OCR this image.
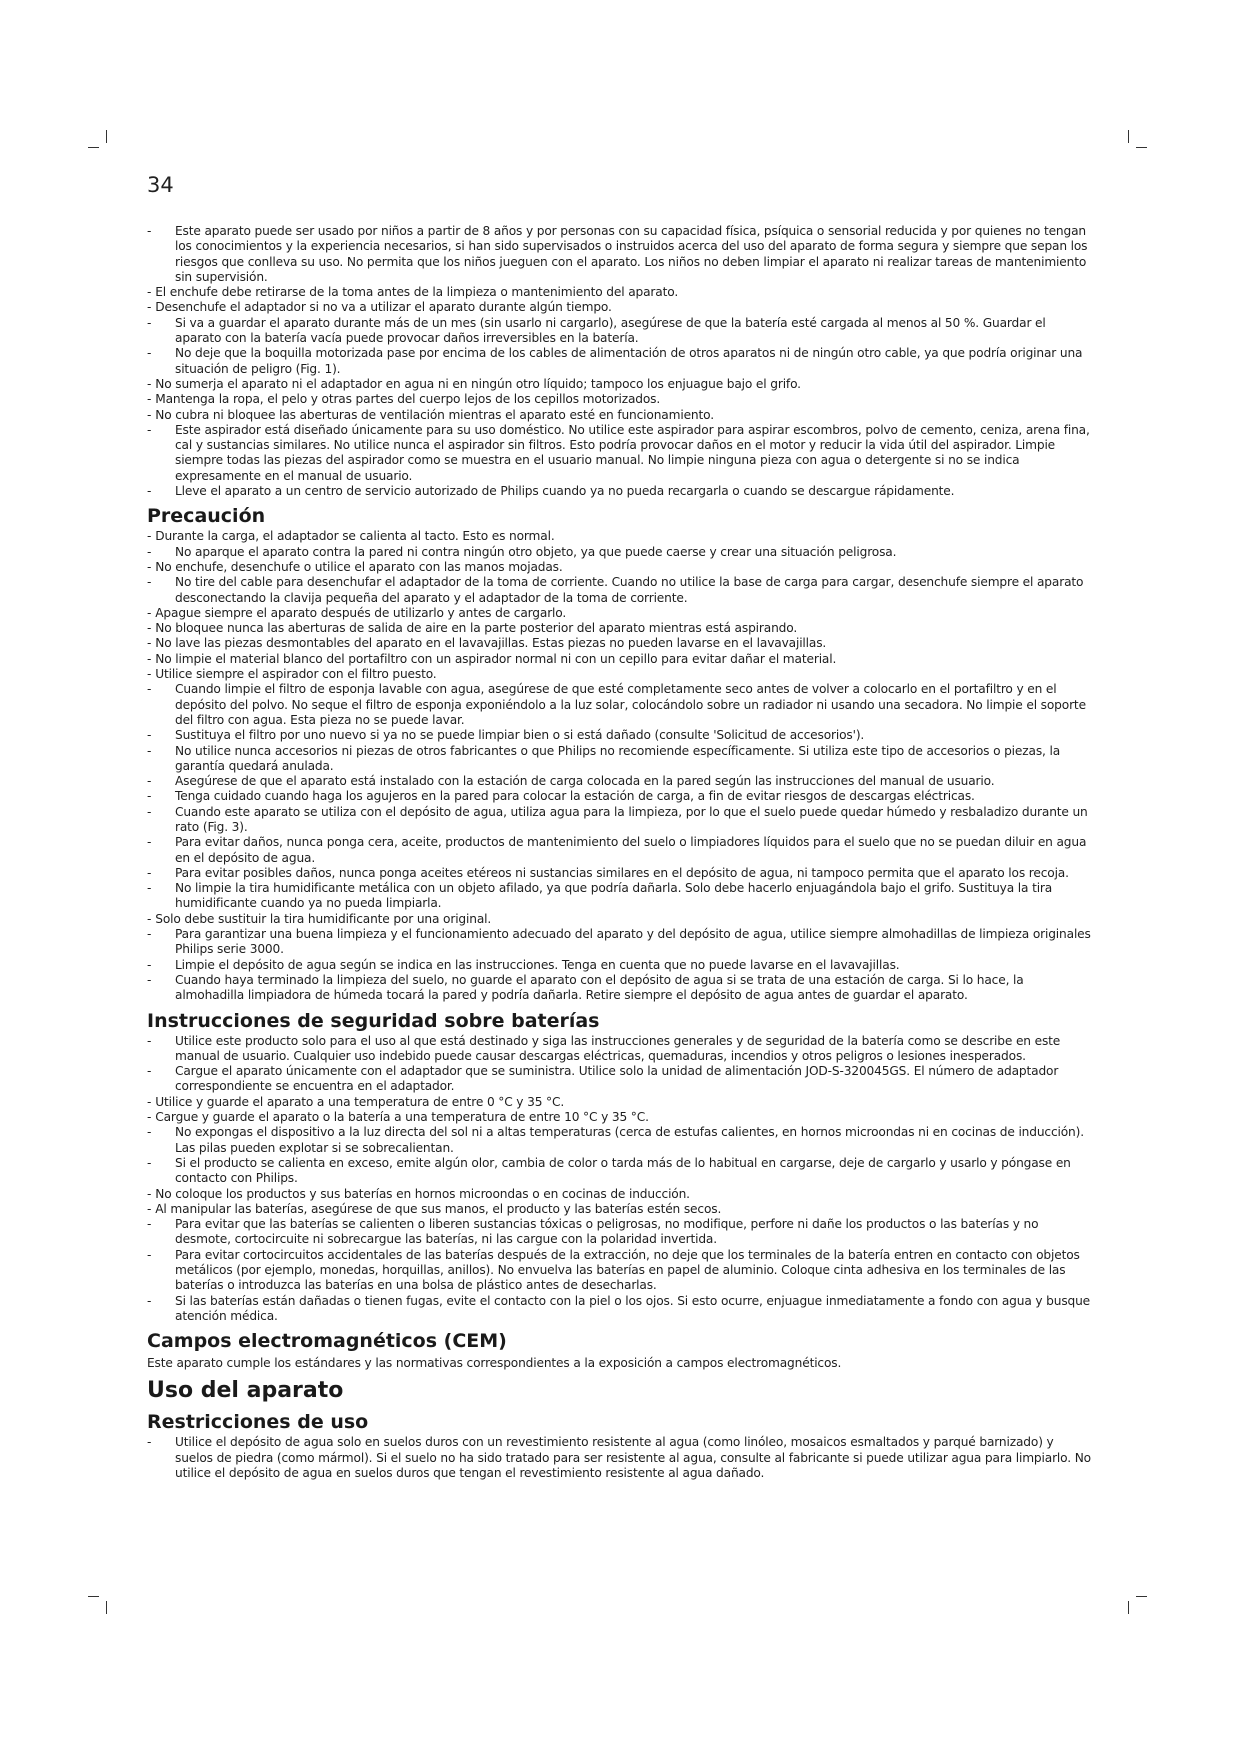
34
- Este aparato puede ser usado por niños a partir de 8 años y por personas con su capacidad física, psíquica o sensorial reducida y por quienes no tengan los conocimientos y la experiencia necesarios, si han sido supervisados o instruidos acerca del uso del aparato de forma segura y siempre que sepan los riesgos que conlleva su uso. No permita que los niños jueguen con el aparato. Los niños no deben limpiar el aparato ni realizar tareas de mantenimiento sin supervisión.
- El enchufe debe retirarse de la toma antes de la limpieza o mantenimiento del aparato.
- Desenchufe el adaptador si no va a utilizar el aparato durante algún tiempo.
- Si va a guardar el aparato durante más de un mes (sin usarlo ni cargarlo), asegúrese de que la batería esté cargada al menos al 50 %. Guardar el aparato con la batería vacía puede provocar daños irreversibles en la batería.
- No deje que la boquilla motorizada pase por encima de los cables de alimentación de otros aparatos ni de ningún otro cable, ya que podría originar una situación de peligro (Fig. 1).
- No sumerja el aparato ni el adaptador en agua ni en ningún otro líquido; tampoco los enjuague bajo el grifo.
- Mantenga la ropa, el pelo y otras partes del cuerpo lejos de los cepillos motorizados.
- No cubra ni bloquee las aberturas de ventilación mientras el aparato esté en funcionamiento.
- Este aspirador está diseñado únicamente para su uso doméstico. No utilice este aspirador para aspirar escombros, polvo de cemento, ceniza, arena fina, cal y sustancias similares. No utilice nunca el aspirador sin filtros. Esto podría provocar daños en el motor y reducir la vida útil del aspirador. Limpie siempre todas las piezas del aspirador como se muestra en el usuario manual. No limpie ninguna pieza con agua o detergente si no se indica expresamente en el manual de usuario.
- Lleve el aparato a un centro de servicio autorizado de Philips cuando ya no pueda recargarla o cuando se descargue rápidamente.
Precaución
- Durante la carga, el adaptador se calienta al tacto. Esto es normal.
- No aparque el aparato contra la pared ni contra ningún otro objeto, ya que puede caerse y crear una situación peligrosa.
- No enchufe, desenchufe o utilice el aparato con las manos mojadas.
- No tire del cable para desenchufar el adaptador de la toma de corriente. Cuando no utilice la base de carga para cargar, desenchufe siempre el aparato desconectando la clavija pequeña del aparato y el adaptador de la toma de corriente.
- Apague siempre el aparato después de utilizarlo y antes de cargarlo.
- No bloquee nunca las aberturas de salida de aire en la parte posterior del aparato mientras está aspirando.
- No lave las piezas desmontables del aparato en el lavavajillas. Estas piezas no pueden lavarse en el lavavajillas.
- No limpie el material blanco del portafiltro con un aspirador normal ni con un cepillo para evitar dañar el material.
- Utilice siempre el aspirador con el filtro puesto.
- Cuando limpie el filtro de esponja lavable con agua, asegúrese de que esté completamente seco antes de volver a colocarlo en el portafiltro y en el depósito del polvo. No seque el filtro de esponja exponiéndolo a la luz solar, colocándolo sobre un radiador ni usando una secadora. No limpie el soporte del filtro con agua. Esta pieza no se puede lavar.
- Sustituya el filtro por uno nuevo si ya no se puede limpiar bien o si está dañado (consulte 'Solicitud de accesorios').
- No utilice nunca accesorios ni piezas de otros fabricantes o que Philips no recomiende específicamente. Si utiliza este tipo de accesorios o piezas, la garantía quedará anulada.
- Asegúrese de que el aparato está instalado con la estación de carga colocada en la pared según las instrucciones del manual de usuario.
- Tenga cuidado cuando haga los agujeros en la pared para colocar la estación de carga, a fin de evitar riesgos de descargas eléctricas.
- Cuando este aparato se utiliza con el depósito de agua, utiliza agua para la limpieza, por lo que el suelo puede quedar húmedo y resbaladizo durante un rato (Fig. 3).
- Para evitar daños, nunca ponga cera, aceite, productos de mantenimiento del suelo o limpiadores líquidos para el suelo que no se puedan diluir en agua en el depósito de agua.
- Para evitar posibles daños, nunca ponga aceites etéreos ni sustancias similares en el depósito de agua, ni tampoco permita que el aparato los recoja.
- No limpie la tira humidificante metálica con un objeto afilado, ya que podría dañarla. Solo debe hacerlo enjuagándola bajo el grifo. Sustituya la tira humidificante cuando ya no pueda limpiarla.
- Solo debe sustituir la tira humidificante por una original.
- Para garantizar una buena limpieza y el funcionamiento adecuado del aparato y del depósito de agua, utilice siempre almohadillas de limpieza originales Philips serie 3000.
- Limpie el depósito de agua según se indica en las instrucciones. Tenga en cuenta que no puede lavarse en el lavavajillas.
- Cuando haya terminado la limpieza del suelo, no guarde el aparato con el depósito de agua si se trata de una estación de carga. Si lo hace, la almohadilla limpiadora de húmeda tocará la pared y podría dañarla. Retire siempre el depósito de agua antes de guardar el aparato.
Instrucciones de seguridad sobre baterías
- Utilice este producto solo para el uso al que está destinado y siga las instrucciones generales y de seguridad de la batería como se describe en este manual de usuario. Cualquier uso indebido puede causar descargas eléctricas, quemaduras, incendios y otros peligros o lesiones inesperados.
- Cargue el aparato únicamente con el adaptador que se suministra. Utilice solo la unidad de alimentación JOD-S-320045GS. El número de adaptador correspondiente se encuentra en el adaptador.
- Utilice y guarde el aparato a una temperatura de entre 0 °C y 35 °C.
- Cargue y guarde el aparato o la batería a una temperatura de entre 10 °C y 35 °C.
- No expongas el dispositivo a la luz directa del sol ni a altas temperaturas (cerca de estufas calientes, en hornos microondas ni en cocinas de inducción). Las pilas pueden explotar si se sobrecalientan.
- Si el producto se calienta en exceso, emite algún olor, cambia de color o tarda más de lo habitual en cargarse, deje de cargarlo y usarlo y póngase en contacto con Philips.
- No coloque los productos y sus baterías en hornos microondas o en cocinas de inducción.
- Al manipular las baterías, asegúrese de que sus manos, el producto y las baterías estén secos.
- Para evitar que las baterías se calienten o liberen sustancias tóxicas o peligrosas, no modifique, perfore ni dañe los productos o las baterías y no desmote, cortocircuite ni sobrecargue las baterías, ni las cargue con la polaridad invertida.
- Para evitar cortocircuitos accidentales de las baterías después de la extracción, no deje que los terminales de la batería entren en contacto con objetos metálicos (por ejemplo, monedas, horquillas, anillos). No envuelva las baterías en papel de aluminio. Coloque cinta adhesiva en los terminales de las baterías o introduzca las baterías en una bolsa de plástico antes de desecharlas.
- Si las baterías están dañadas o tienen fugas, evite el contacto con la piel o los ojos. Si esto ocurre, enjuague inmediatamente a fondo con agua y busque atención médica.
Campos electromagnéticos (CEM)

Este aparato cumple los estándares y las normativas correspondientes a la exposición a campos electromagnéticos.

Uso del aparato
Restricciones de uso
- Utilice el depósito de agua solo en suelos duros con un revestimiento resistente al agua (como linóleo, mosaicos esmaltados y parqué barnizado) y suelos de piedra (como mármol). Si el suelo no ha sido tratado para ser resistente al agua, consulte al fabricante si puede utilizar agua para limpiarlo. No utilice el depósito de agua en suelos duros que tengan el revestimiento resistente al agua dañado.
